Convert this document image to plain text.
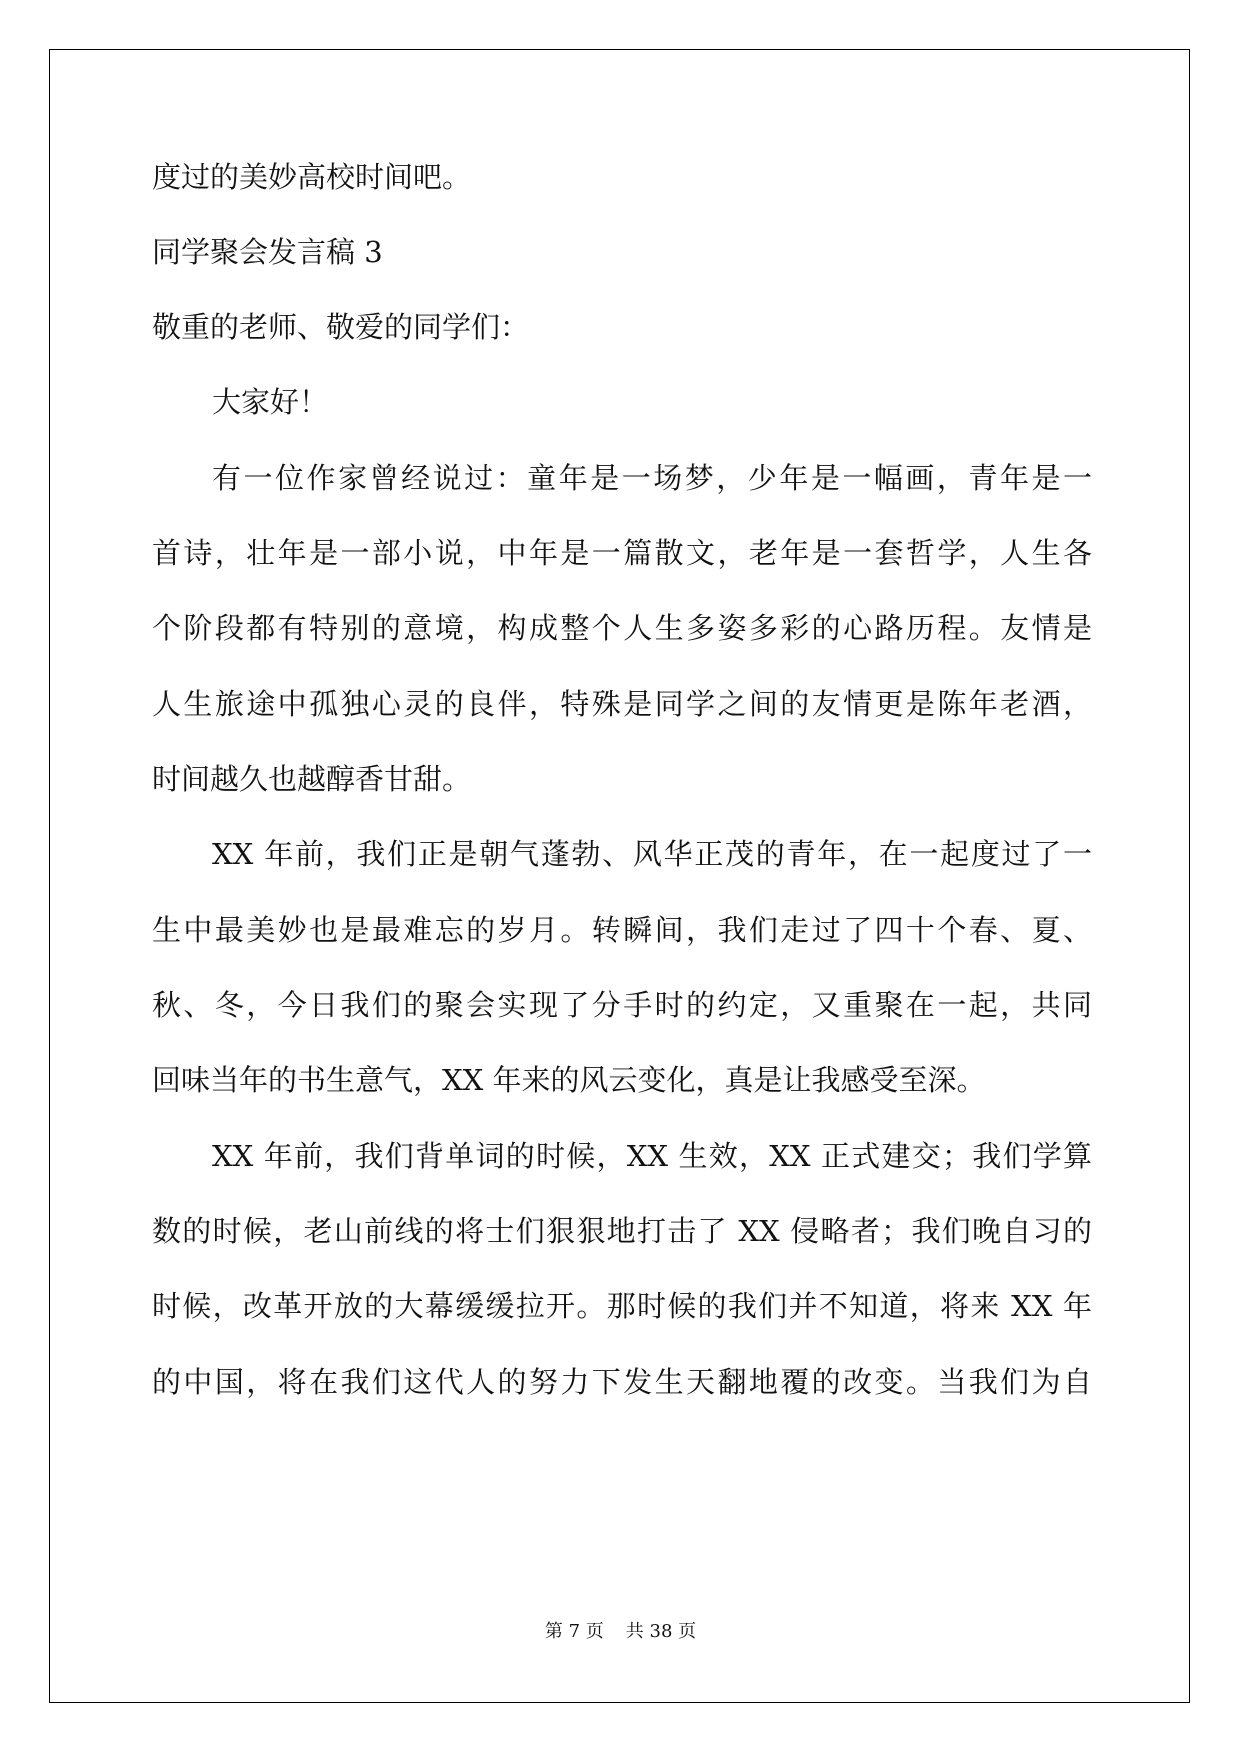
度过的美妙高校时间吧。
同学聚会发言稿 3
敬重的老师、敬爱的同学们：
大家好！
有一位作家曾经说过：童年是一场梦，少年是一幅画，青年是一
首诗，壮年是一部小说，中年是一篇散文，老年是一套哲学，人生各
个阶段都有特别的意境，构成整个人生多姿多彩的心路历程。友情是
人生旅途中孤独心灵的良伴，特殊是同学之间的友情更是陈年老酒，
时间越久也越醇香甘甜。
XX 年前，我们正是朝气蓬勃、风华正茂的青年，在一起度过了一
生中最美妙也是最难忘的岁月。转瞬间，我们走过了四十个春、夏、
秋、冬，今日我们的聚会实现了分手时的约定，又重聚在一起，共同
回味当年的书生意气，XX 年来的风云变化，真是让我感受至深。
XX 年前，我们背单词的时候，XX 生效，XX 正式建交；我们学算
数的时候，老山前线的将士们狠狠地打击了 XX 侵略者；我们晚自习的
时候，改革开放的大幕缓缓拉开。那时候的我们并不知道，将来 XX 年
的中国，将在我们这代人的努力下发生天翻地覆的改变。当我们为自
第 7 页 共 38 页
